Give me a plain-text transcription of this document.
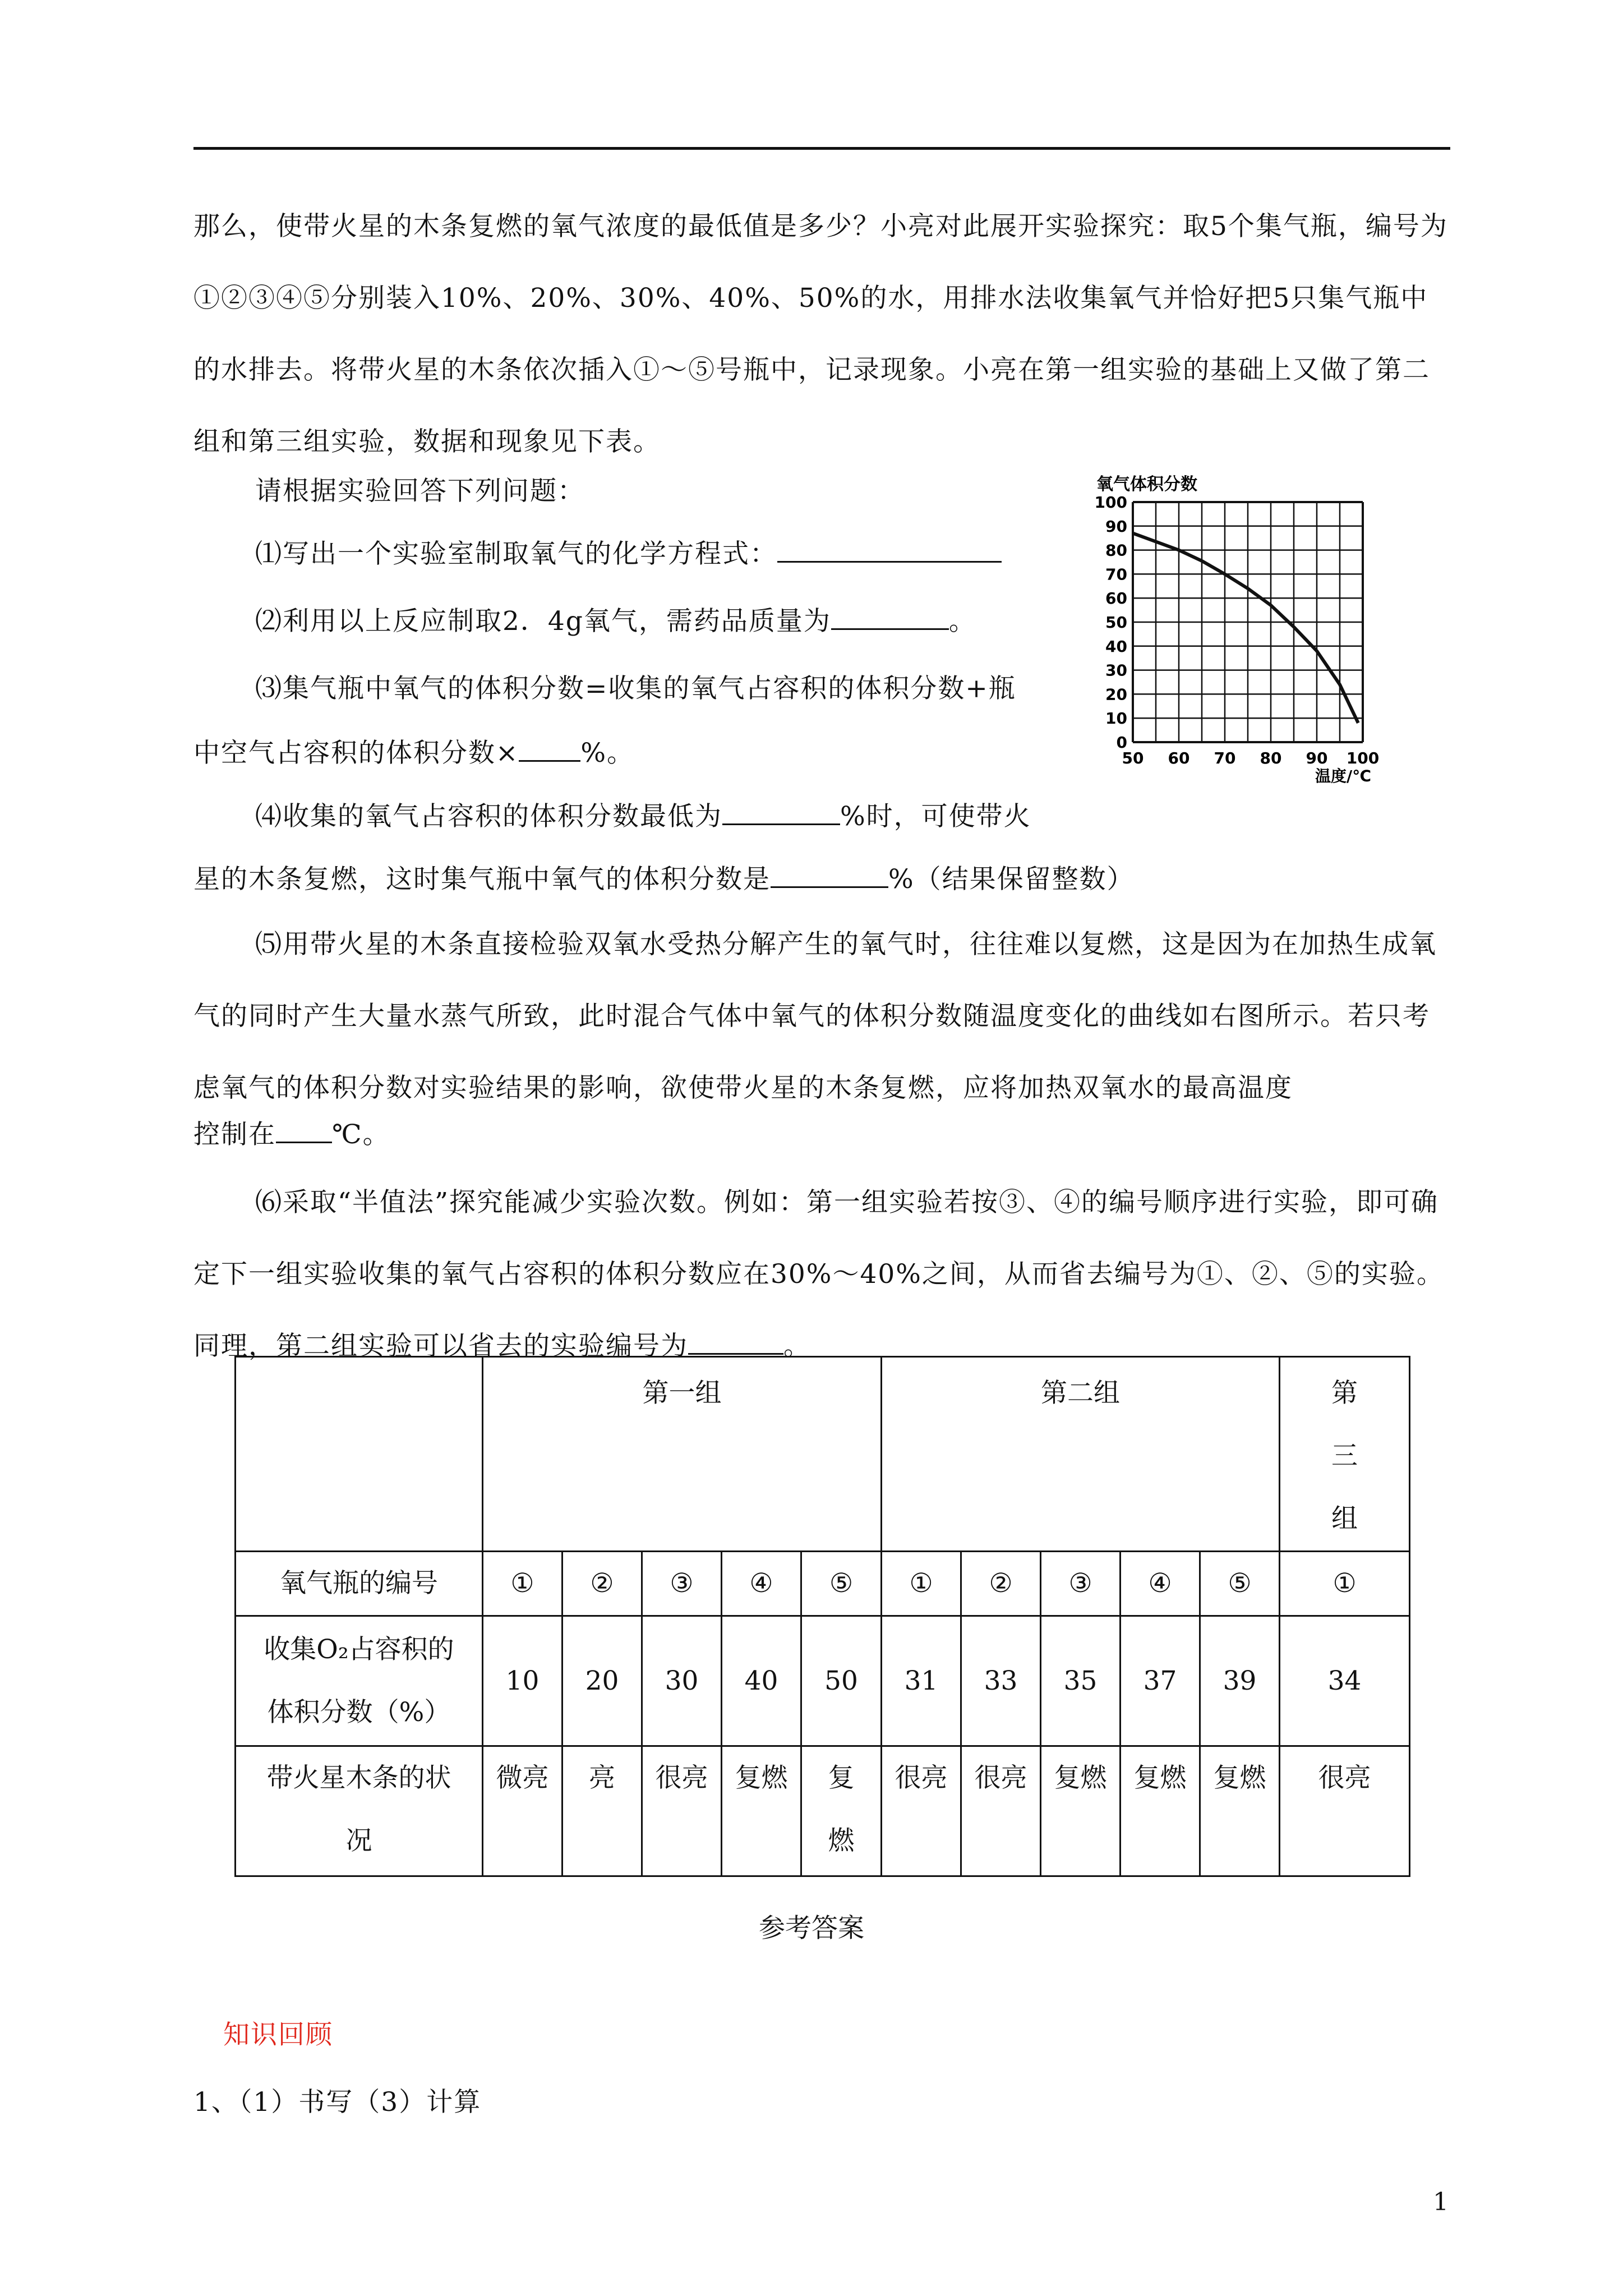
那么，使带火星的木条复燃的氧气浓度的最低值是多少？小亮对此展开实验探究：取5个集气瓶，编号为①②③④⑤分别装入10%、20%、30%、40%、50%的水，用排水法收集氧气并恰好把5只集气瓶中的水排去。将带火星的木条依次插入①～⑤号瓶中，记录现象。小亮在第一组实验的基础上又做了第二组和第三组实验，数据和现象见下表。
请根据实验回答下列问题：
⑴写出一个实验室制取氧气的化学方程式：
⑵利用以上反应制取2．4g氧气，需药品质量为	。
⑶集气瓶中氧气的体积分数=收集的氧气占容积的体积分数+瓶
中空气占容积的体积分数× %。
⑷收集的氧气占容积的体积分数最低为	%时，可使带火
星的木条复燃，这时集气瓶中氧气的体积分数是	%（结果保留整数）
⑸用带火星的木条直接检验双氧水受热分解产生的氧气时，往往难以复燃，这是因为在加热生成氧气的同时产生大量水蒸气所致，此时混合气体中氧气的体积分数随温度变化的曲线如右图所示。若只考虑氧气的体积分数对实验结果的影响，欲使带火星的木条复燃，应将加热双氧水的最高温度
控制在 ℃。
⑹采取“半值法”探究能减少实验次数。例如：第一组实验若按③、④的编号顺序进行实验，即可确定下一组实验收集的氧气占容积的体积分数应在30%～40%之间，从而省去编号为①、②、⑤的实验。同理，第二组实验可以省去的实验编号为	。
氧气体积分数
0
10
20
30
40
50
60
70
80
90
100
50 60 70 80 90 100
温度/℃
	第一组					第二组					第三组
氧气瓶的编号	①	②	③	④	⑤	①	②	③	④	⑤	①
收集O₂占容积的体积分数（%）	10	20	30	40	50	31	33	35	37	39	34
带火星木条的状况	微亮	亮	很亮	复燃	复燃	很亮	很亮	复燃	复燃	复燃	很亮
参考答案
知识回顾
1、（1）书写（3）计算
1
